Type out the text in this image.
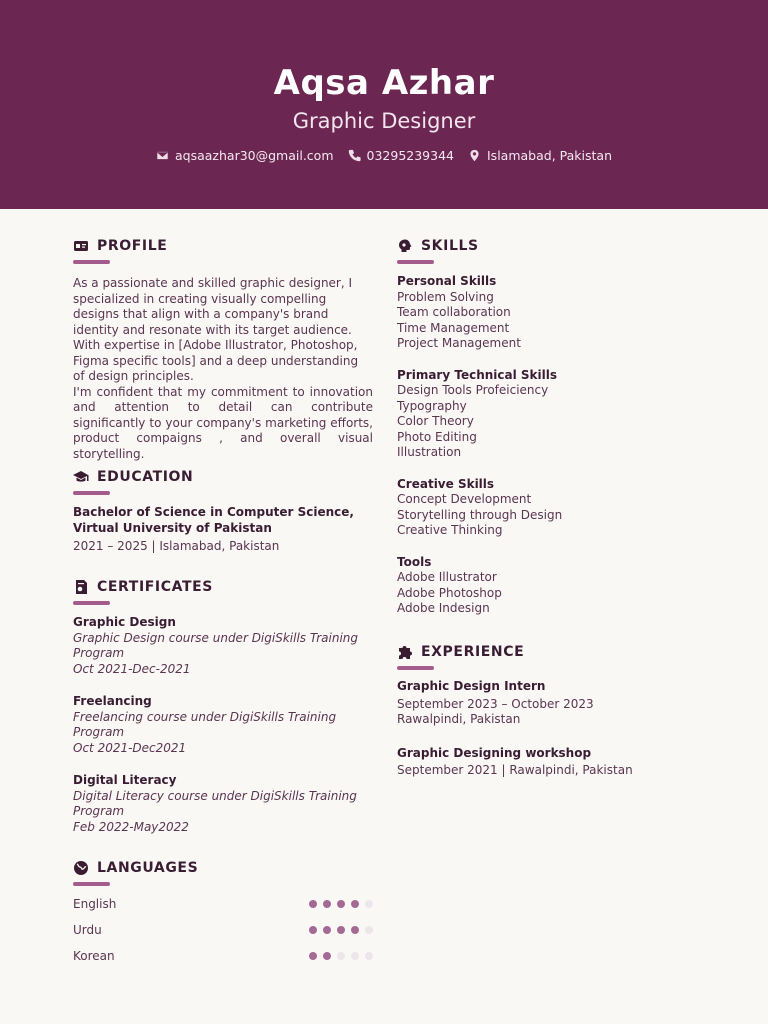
Aqsa Azhar
Graphic Designer
aqsaazhar30@gmail.com	03295239344	Islamabad, Pakistan
PROFILE
As a passionate and skilled graphic designer, I specialized in creating visually compelling designs that align with a company's brand identity and resonate with its target audience. With expertise in [Adobe Illustrator, Photoshop, Figma specific tools] and a deep understanding of design principles.
I'm confident that my commitment to innovation and attention to detail can contribute significantly to your company's marketing efforts, product compaigns , and overall visual storytelling.
EDUCATION
Bachelor of Science in Computer Science, Virtual University of Pakistan
2021 – 2025 | Islamabad, Pakistan
CERTIFICATES
Graphic Design
Graphic Design course under DigiSkills Training Program
Oct 2021-Dec-2021
Freelancing
Freelancing course under DigiSkills Training Program
Oct 2021-Dec2021
Digital Literacy
Digital Literacy course under DigiSkills Training Program
Feb 2022-May2022
LANGUAGES
English
Urdu
Korean
SKILLS
Personal Skills
Problem Solving
Team collaboration
Time Management
Project Management
Primary Technical Skills
Design Tools Profeiciency
Typography
Color Theory
Photo Editing
Illustration
Creative Skills
Concept Development
Storytelling through Design
Creative Thinking
Tools
Adobe Illustrator
Adobe Photoshop
Adobe Indesign
EXPERIENCE
Graphic Design Intern
September 2023 – October 2023
Rawalpindi, Pakistan
Graphic Designing workshop
September 2021 | Rawalpindi, Pakistan
